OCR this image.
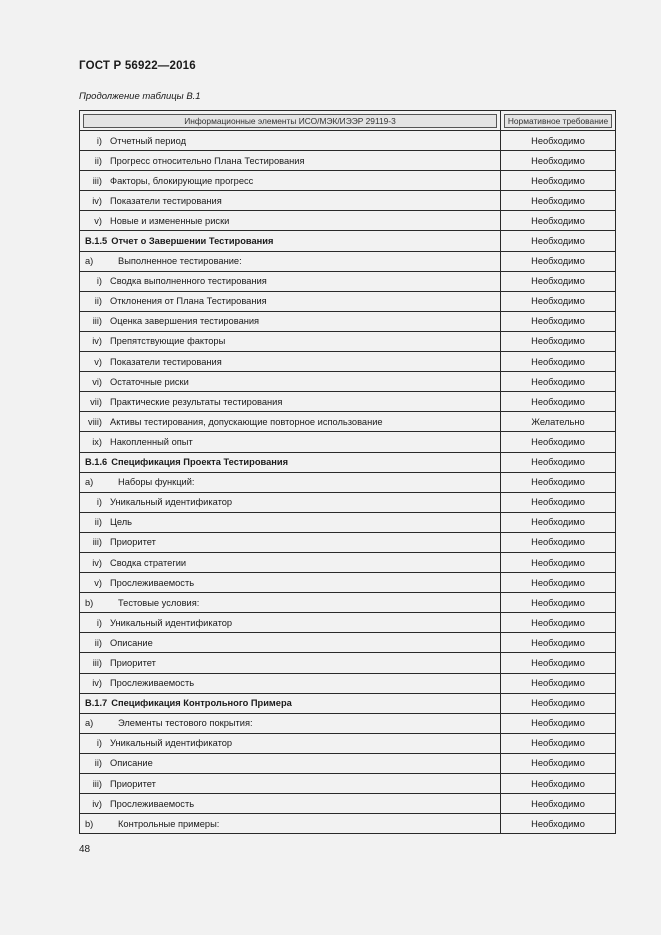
ГОСТ Р 56922—2016
Продолжение таблицы В.1
Информационные элементы ИСО/МЭК/ИЭЭР 29119-3	Нормативное требование

i) Отчетный период	Необходимо
ii) Прогресс относительно Плана Тестирования	Необходимо
iii) Факторы, блокирующие прогресс	Необходимо
iv) Показатели тестирования	Необходимо
v) Новые и измененные риски	Необходимо
В.1.5 Отчет о Завершении Тестирования	Необходимо
a) Выполненное тестирование:	Необходимо
i) Сводка выполненного тестирования	Необходимо
ii) Отклонения от Плана Тестирования	Необходимо
iii) Оценка завершения тестирования	Необходимо
iv) Препятствующие факторы	Необходимо
v) Показатели тестирования	Необходимо
vi) Остаточные риски	Необходимо
vii) Практические результаты тестирования	Необходимо
viii) Активы тестирования, допускающие повторное использование	Желательно
ix) Накопленный опыт	Необходимо
В.1.6 Спецификация Проекта Тестирования	Необходимо
a) Наборы функций:	Необходимо
i) Уникальный идентификатор	Необходимо
ii) Цель	Необходимо
iii) Приоритет	Необходимо
iv) Сводка стратегии	Необходимо
v) Прослеживаемость	Необходимо
b) Тестовые условия:	Необходимо
i) Уникальный идентификатор	Необходимо
ii) Описание	Необходимо
iii) Приоритет	Необходимо
iv) Прослеживаемость	Необходимо
В.1.7 Спецификация Контрольного Примера	Необходимо
a) Элементы тестового покрытия:	Необходимо
i) Уникальный идентификатор	Необходимо
ii) Описание	Необходимо
iii) Приоритет	Необходимо
iv) Прослеживаемость	Необходимо
b) Контрольные примеры:	Необходимо
48
